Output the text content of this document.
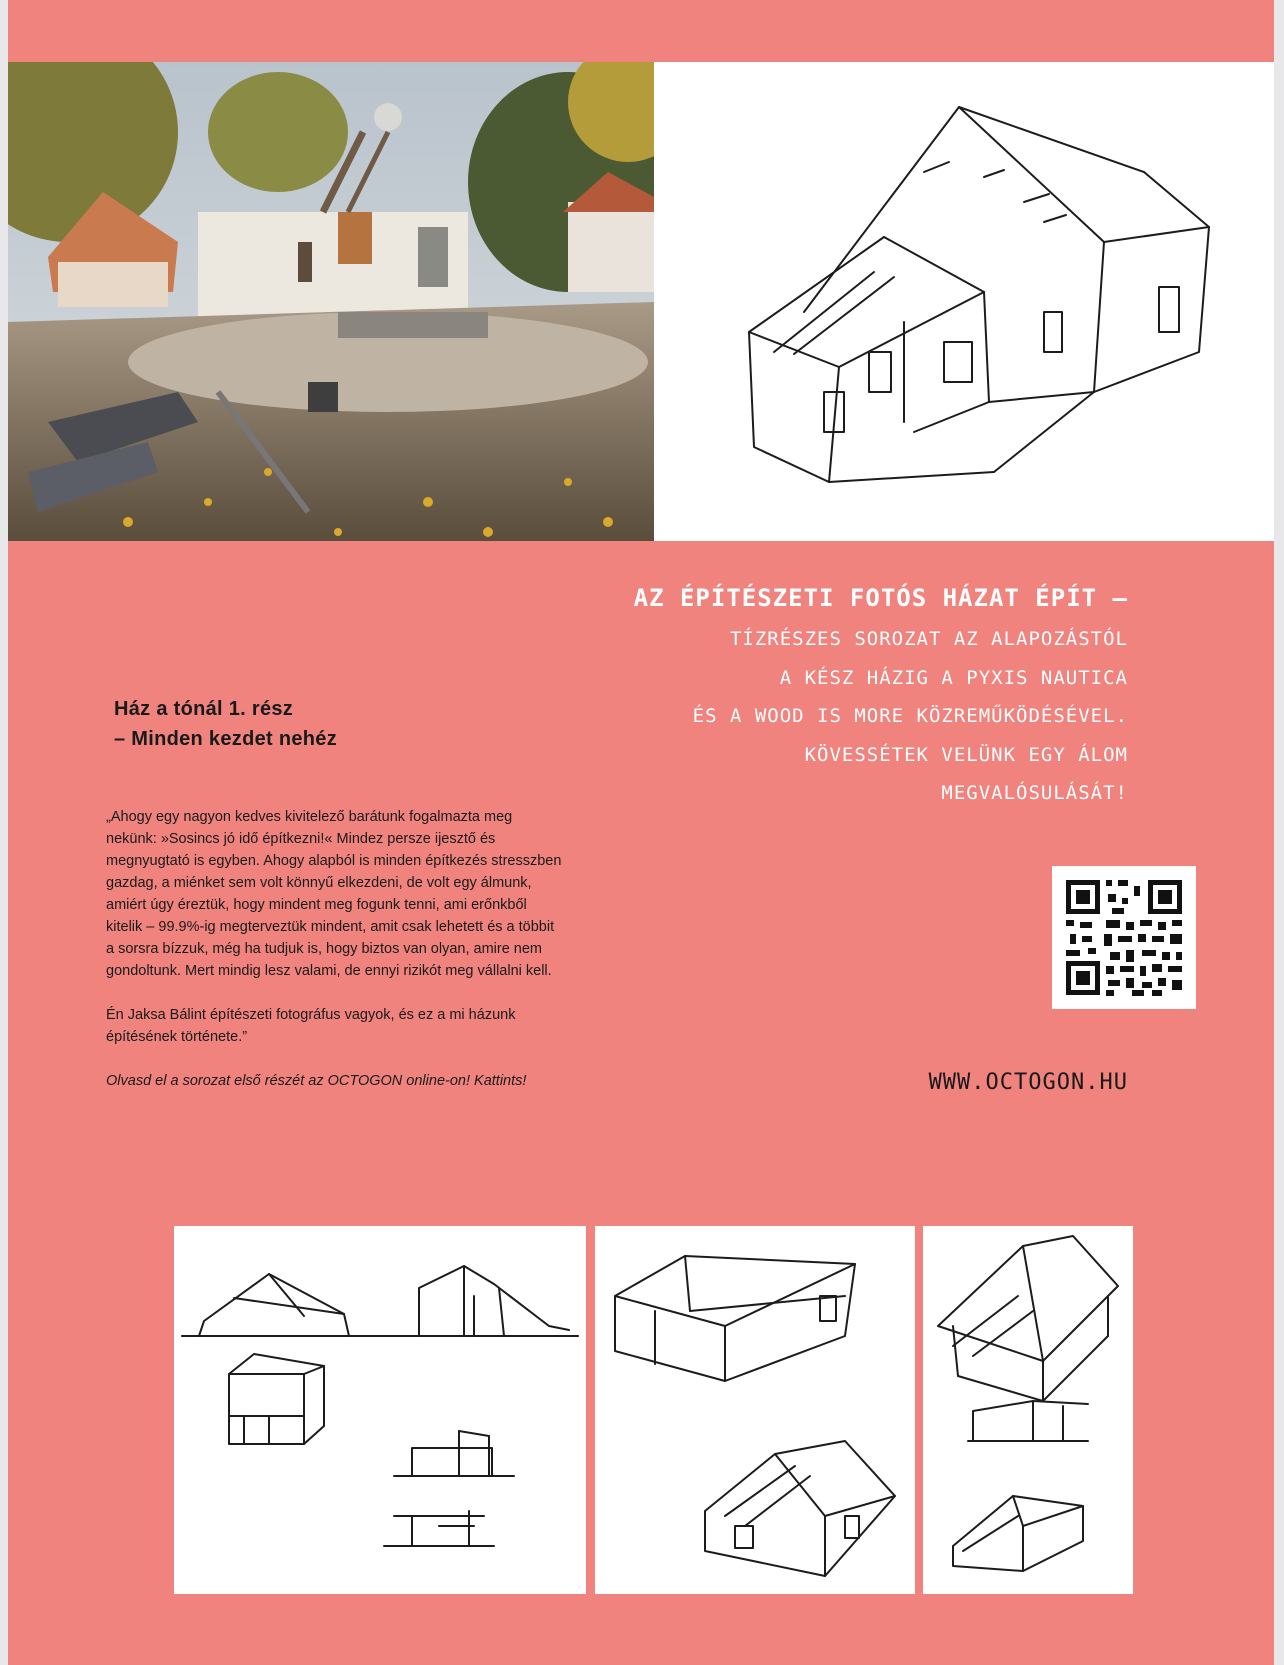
AZ ÉPÍTÉSZETI FOTÓS HÁZAT ÉPÍT –

TÍZRÉSZES SOROZAT AZ ALAPOZÁSTÓL

A KÉSZ HÁZIG A PYXIS NAUTICA

ÉS A WOOD IS MORE KÖZREMŰKÖDÉSÉVEL.

KÖVESSÉTEK VELÜNK EGY ÁLOM

MEGVALÓSULÁSÁT!

Ház a tónál 1. rész
– Minden kezdet nehéz

„Ahogy egy nagyon kedves kivitelező barátunk fogalmazta meg nekünk: »Sosincs jó idő építkezni!« Mindez persze ijesztő és megnyugtató is egyben. Ahogy alapból is minden építkezés stresszben gazdag, a miénket sem volt könnyű elkezdeni, de volt egy álmunk, amiért úgy éreztük, hogy mindent meg fogunk tenni, ami erőnkből kitelik – 99.9%-ig megterveztük mindent, amit csak lehetett és a többit a sorsra bízzuk, még ha tudjuk is, hogy biztos van olyan, amire nem gondoltunk. Mert mindig lesz valami, de ennyi rizikót meg vállalni kell.

Én Jaksa Bálint építészeti fotográfus vagyok, és ez a mi házunk építésének története.”

Olvasd el a sorozat első részét az OCTOGON online-on! Kattints!	WWW.OCTOGON.HU
